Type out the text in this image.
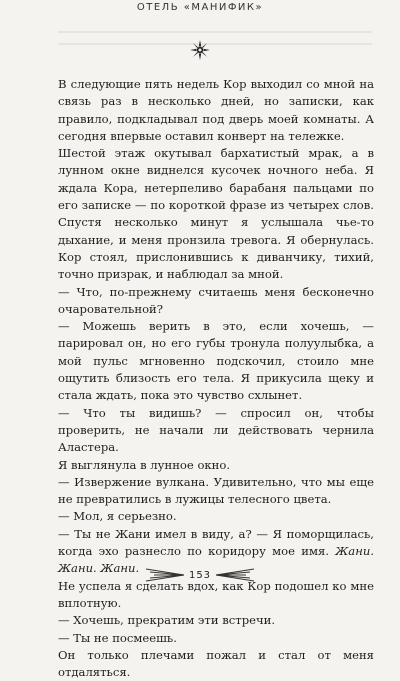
ОТЕЛЬ «МАНИФИК»

В следующие пять недель Кор выходил со мной на связь раз в несколько дней, но записки, как правило, подкладывал под дверь моей комнаты. А сегодня впервые оставил конверт на тележке.

Шестой этаж окутывал бархатистый мрак, а в лунном окне виднелся кусочек ночного неба. Я ждала Кора, нетерпеливо барабаня пальцами по его записке — по короткой фразе из четырех слов. Спустя несколько минут я услышала чье-то дыхание, и меня пронзила тревога. Я обернулась. Кор стоял, прислонившись к диванчику, тихий, точно призрак, и наблюдал за мной.

— Что, по-прежнему считаешь меня бесконечно очаровательной?

— Можешь верить в это, если хочешь, — парировал он, но его губы тронула полуулыбка, а мой пульс мгновенно подскочил, стоило мне ощутить близость его тела. Я прикусила щеку и стала ждать, пока это чувство схлынет.

— Что ты видишь? — спросил он, чтобы проверить, не начали ли действовать чернила Аластера.

Я выглянула в лунное окно.

— Извержение вулкана. Удивительно, что мы еще не превратились в лужицы телесного цвета.

— Мол, я серьезно.

— Ты не Жани имел в виду, а? — Я поморщилась, когда эхо разнесло по коридору мое имя. Жани. Жани. Жани.

Не успела я сделать вдох, как Кор подошел ко мне вплотную.

— Хочешь, прекратим эти встречи.

— Ты не посмеешь.

Он только плечами пожал и стал от меня отдаляться.

153
